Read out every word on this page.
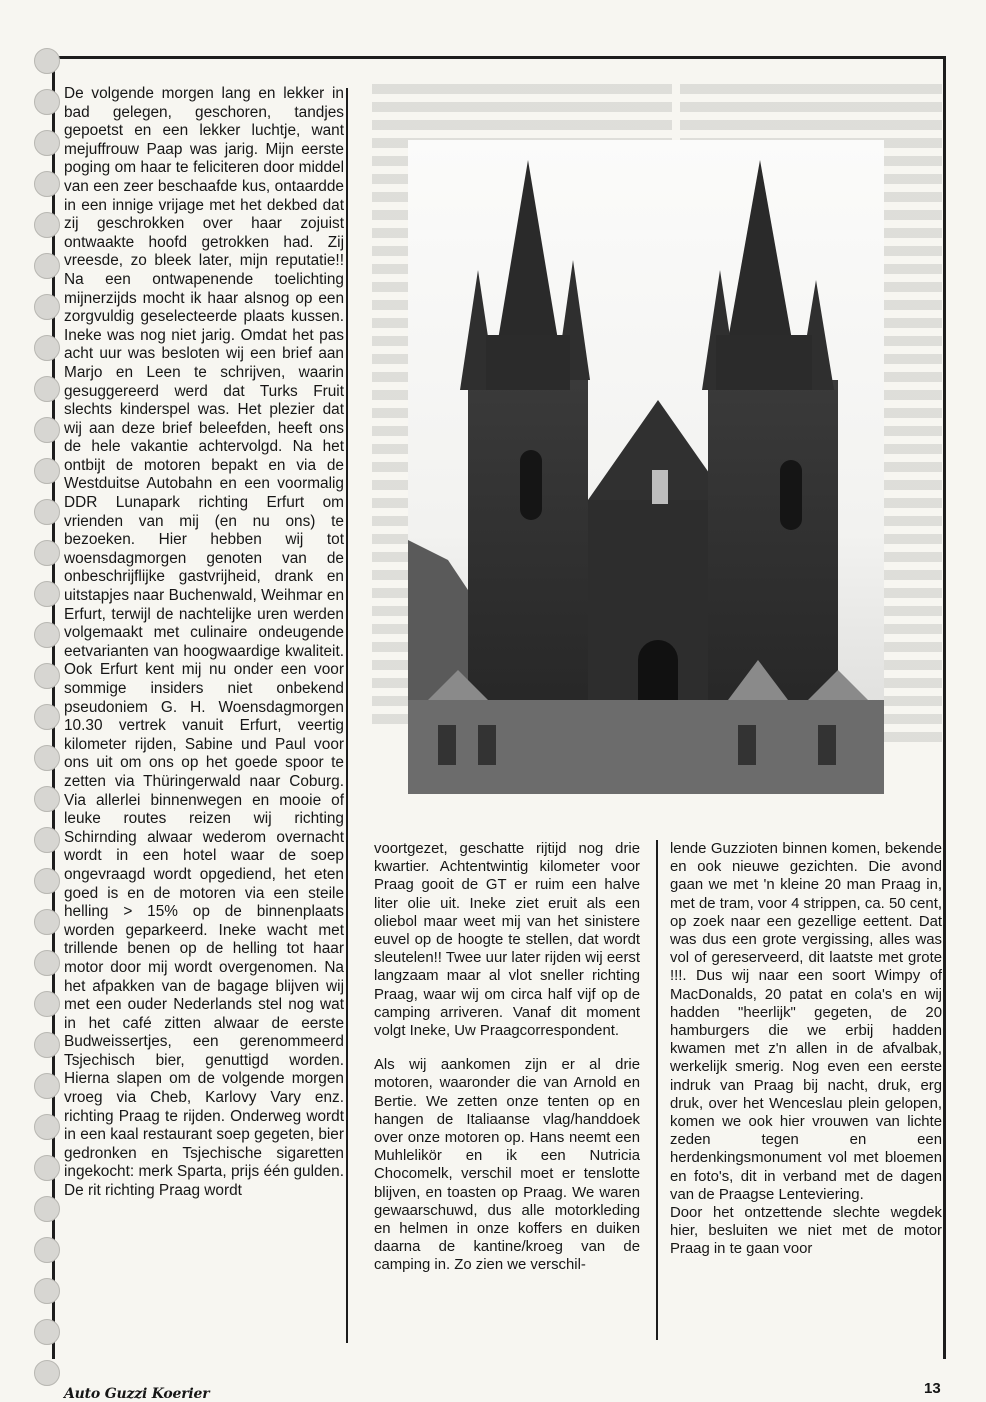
De volgende morgen lang en lekker in bad gelegen, geschoren, tandjes gepoetst en een lekker luchtje, want mejuffrouw Paap was jarig. Mijn eerste poging om haar te feliciteren door middel van een zeer beschaafde kus, ontaardde in een innige vrijage met het dekbed dat zij geschrokken over haar zojuist ontwaakte hoofd getrokken had. Zij vreesde, zo bleek later, mijn reputatie!! Na een ontwapenende toelichting mijnerzijds mocht ik haar alsnog op een zorgvuldig geselecteerde plaats kussen. Ineke was nog niet jarig. Omdat het pas acht uur was besloten wij een brief aan Marjo en Leen te schrijven, waarin gesuggereerd werd dat Turks Fruit slechts kinderspel was. Het plezier dat wij aan deze brief beleefden, heeft ons de hele vakantie achtervolgd. Na het ontbijt de motoren bepakt en via de Westduitse Autobahn en een voormalig DDR Lunapark richting Erfurt om vrienden van mij (en nu ons) te bezoeken. Hier hebben wij tot woensdagmorgen genoten van de onbeschrijflijke gastvrijheid, drank en uitstapjes naar Buchenwald, Weihmar en Erfurt, terwijl de nachtelijke uren werden volgemaakt met culinaire ondeugende eetvarianten van hoogwaardige kwaliteit. Ook Erfurt kent mij nu onder een voor sommige insiders niet onbekend pseudoniem G. H. Woensdagmorgen 10.30 vertrek vanuit Erfurt, veertig kilometer rijden, Sabine und Paul voor ons uit om ons op het goede spoor te zetten via Thüringerwald naar Coburg. Via allerlei binnenwegen en mooie of leuke routes reizen wij richting Schirnding alwaar wederom overnacht wordt in een hotel waar de soep ongevraagd wordt opgediend, het eten goed is en de motoren via een steile helling > 15% op de binnenplaats worden geparkeerd. Ineke wacht met trillende benen op de helling tot haar motor door mij wordt overgenomen. Na het afpakken van de bagage blijven wij met een ouder Nederlands stel nog wat in het café zitten alwaar de eerste Budweissertjes, een gerenommeerd Tsjechisch bier, genuttigd worden. Hierna slapen om de volgende morgen vroeg via Cheb, Karlovy Vary enz. richting Praag te rijden. Onderweg wordt in een kaal restaurant soep gegeten, bier gedronken en Tsjechische sigaretten ingekocht: merk Sparta, prijs één gulden. De rit richting Praag wordt

voortgezet, geschatte rijtijd nog drie kwartier. Achtentwintig kilometer voor Praag gooit de GT er ruim een halve liter olie uit. Ineke ziet eruit als een oliebol maar weet mij van het sinistere euvel op de hoogte te stellen, dat wordt sleutelen!! Twee uur later rijden wij eerst langzaam maar al vlot sneller richting Praag, waar wij om circa half vijf op de camping arriveren. Vanaf dit moment volgt Ineke, Uw Praagcorrespondent.

Als wij aankomen zijn er al drie motoren, waaronder die van Arnold en Bertie. We zetten onze tenten op en hangen de Italiaanse vlag/handdoek over onze motoren op. Hans neemt een Muhlelikör en ik een Nutricia Chocomelk, verschil moet er tenslotte blijven, en toasten op Praag. We waren gewaarschuwd, dus alle motorkleding en helmen in onze koffers en duiken daarna de kantine/kroeg van de camping in. Zo zien we verschil-

lende Guzzioten binnen komen, bekende en ook nieuwe gezichten. Die avond gaan we met 'n kleine 20 man Praag in, met de tram, voor 4 strippen, ca. 50 cent, op zoek naar een gezellige eettent. Dat was dus een grote vergissing, alles was vol of gereserveerd, dit laatste met grote !!!. Dus wij naar een soort Wimpy of MacDonalds, 20 patat en cola's en wij hadden "heerlijk" gegeten, de 20 hamburgers die we erbij hadden kwamen met z'n allen in de afvalbak, werkelijk smerig. Nog even een eerste indruk van Praag bij nacht, druk, erg druk, over het Wenceslau plein gelopen, komen we ook hier vrouwen van lichte zeden tegen en een herdenkingsmonument vol met bloemen en foto's, dit in verband met de dagen van de Praagse Lenteviering.

Door het ontzettende slechte wegdek hier, besluiten we niet met de motor Praag in te gaan voor

Auto Guzzi Koerier	13
